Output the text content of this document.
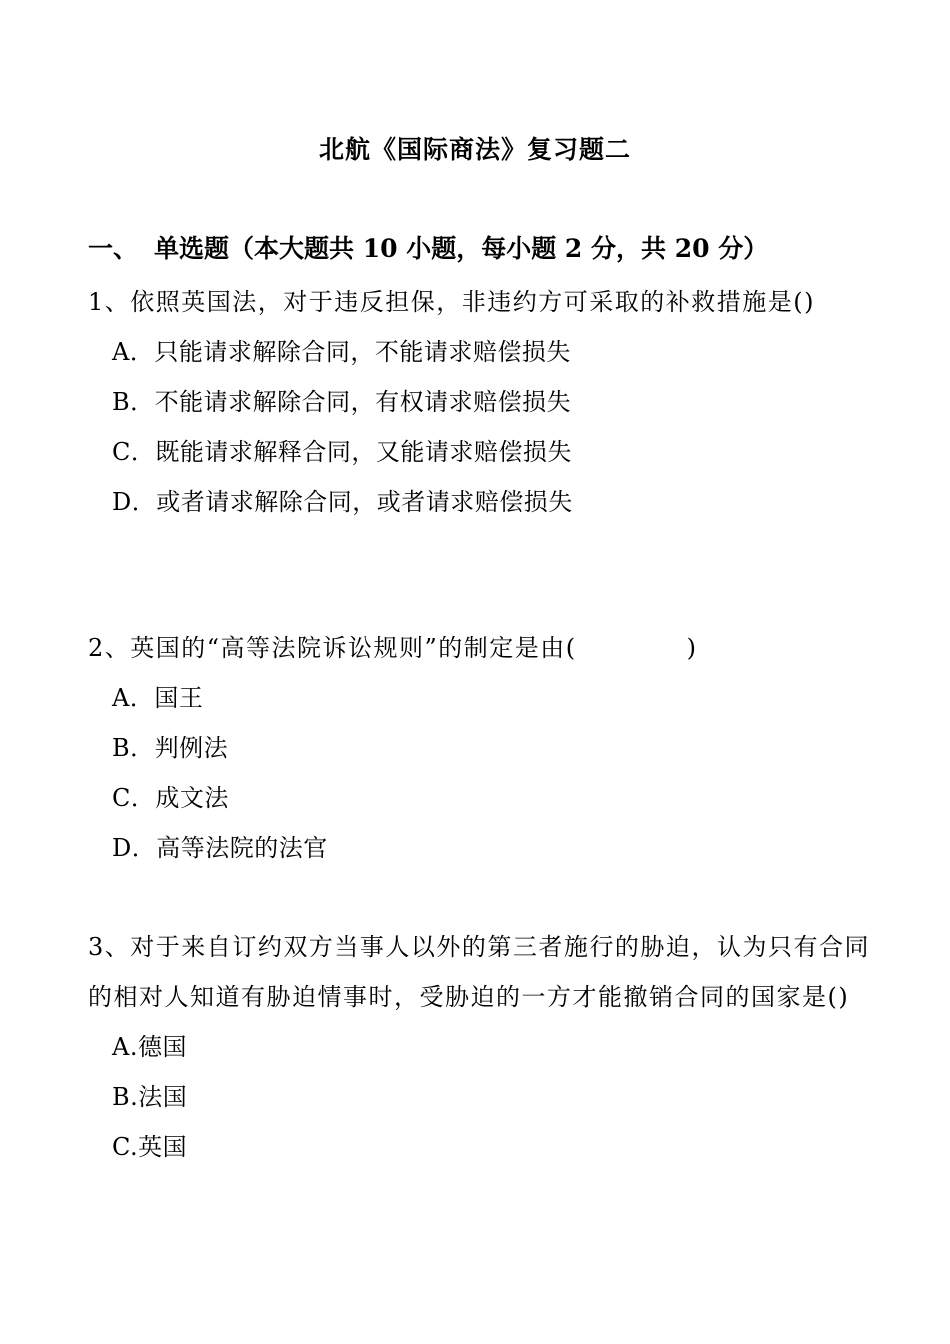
北航《国际商法》复习题二
一、 单选题（本大题共 10 小题，每小题 2 分，共 20 分）
1、依照英国法，对于违反担保，非违约方可采取的补救措施是()
A．只能请求解除合同，不能请求赔偿损失
B．不能请求解除合同，有权请求赔偿损失
C．既能请求解释合同，又能请求赔偿损失
D．或者请求解除合同，或者请求赔偿损失
2、英国的“高等法院诉讼规则”的制定是由(	)
A．国王
B．判例法
C．成文法
D．高等法院的法官
3、对于来自订约双方当事人以外的第三者施行的胁迫，认为只有合同的相对人知道有胁迫情事时，受胁迫的一方才能撤销合同的国家是()
A.德国
B.法国
C.英国
